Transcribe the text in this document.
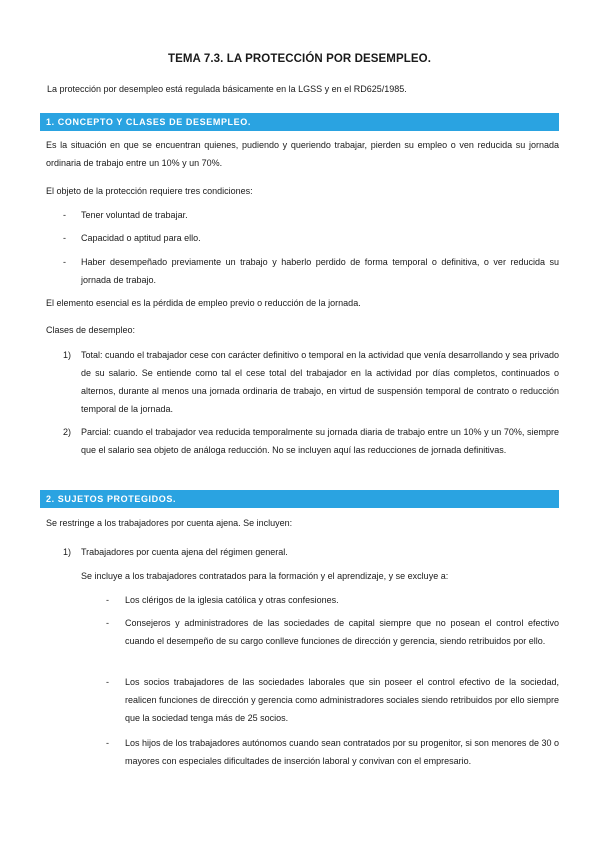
TEMA 7.3. LA PROTECCIÓN POR DESEMPLEO.
La protección por desempleo está regulada básicamente en la LGSS y en el RD625/1985.
1. CONCEPTO Y CLASES DE DESEMPLEO.
Es la situación en que se encuentran quienes, pudiendo y queriendo trabajar, pierden su empleo o ven reducida su jornada ordinaria de trabajo entre un 10% y un 70%.
El objeto de la protección requiere tres condiciones:
- Tener voluntad de trabajar.
- Capacidad o aptitud para ello.
- Haber desempeñado previamente un trabajo y haberlo perdido de forma temporal o definitiva, o ver reducida su jornada de trabajo.
El elemento esencial es la pérdida de empleo previo o reducción de la jornada.
Clases de desempleo:
1) Total: cuando el trabajador cese con carácter definitivo o temporal en la actividad que venía desarrollando y sea privado de su salario. Se entiende como tal el cese total del trabajador en la actividad por días completos, continuados o alternos, durante al menos una jornada ordinaria de trabajo, en virtud de suspensión temporal de contrato o reducción temporal de la jornada.
2) Parcial: cuando el trabajador vea reducida temporalmente su jornada diaria de trabajo entre un 10% y un 70%, siempre que el salario sea objeto de análoga reducción. No se incluyen aquí las reducciones de jornada definitivas.
2. SUJETOS PROTEGIDOS.
Se restringe a los trabajadores por cuenta ajena. Se incluyen:
1) Trabajadores por cuenta ajena del régimen general.
Se incluye a los trabajadores contratados para la formación y el aprendizaje, y se excluye a:
- Los clérigos de la iglesia católica y otras confesiones.
- Consejeros y administradores de las sociedades de capital siempre que no posean el control efectivo cuando el desempeño de su cargo conlleve funciones de dirección y gerencia, siendo retribuidos por ello.
- Los socios trabajadores de las sociedades laborales que sin poseer el control efectivo de la sociedad, realicen funciones de dirección y gerencia como administradores sociales siendo retribuidos por ello siempre que la sociedad tenga más de 25 socios.
- Los hijos de los trabajadores autónomos cuando sean contratados por su progenitor, si son menores de 30 o mayores con especiales dificultades de inserción laboral y convivan con el empresario.
